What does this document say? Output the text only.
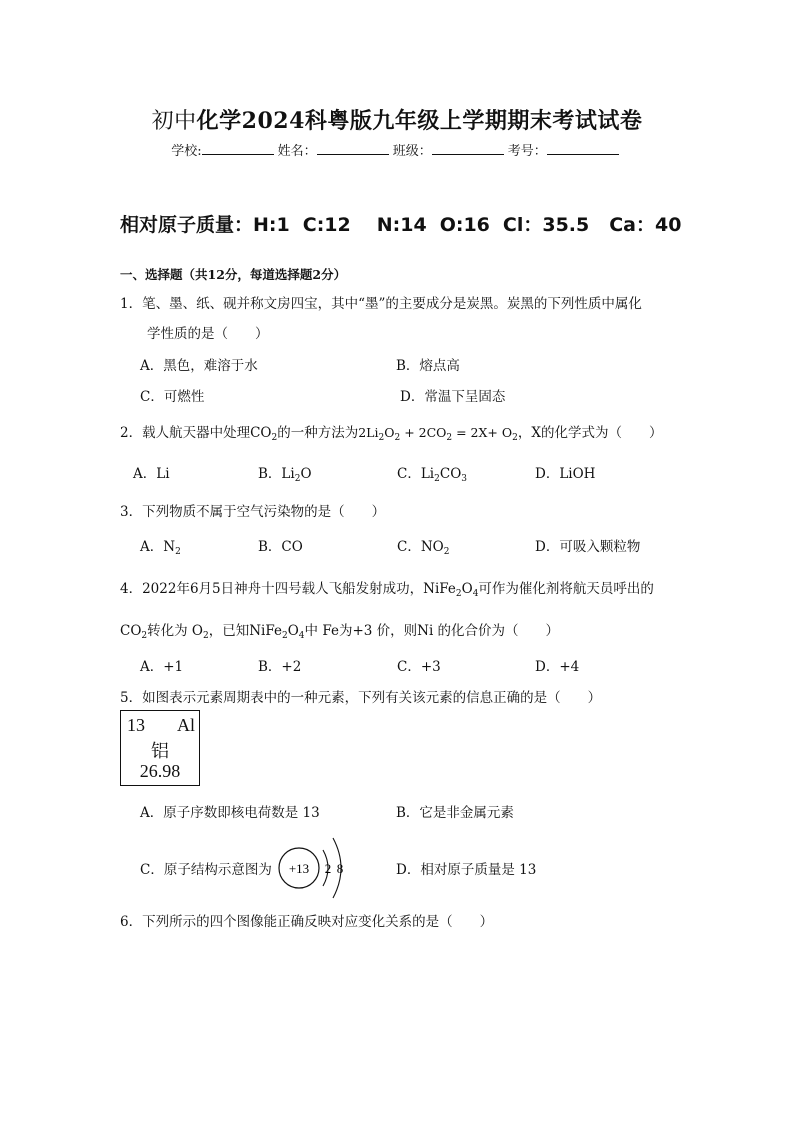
初中化学2024科粤版九年级上学期期末考试试卷
学校:	姓名：	班级：	考号：
相对原子质量：H:1 C:12 N:14 O:16 Cl：35.5 Ca：40
一、选择题（共12分，每道选择题2分）
1．笔、墨、纸、砚并称文房四宝，其中“墨”的主要成分是炭黑。炭黑的下列性质中属化
学性质的是（　　）
A．黑色，难溶于水	B．熔点高
C．可燃性	D．常温下呈固态
2．载人航天器中处理$CO_2$的一种方法为$2Li_2O_2 + 2CO_2 = 2X+ O_2$，X的化学式为（　　）
A．Li	B．$Li_2O$	C．$Li_2CO_3$	D．LiOH
3．下列物质不属于空气污染物的是（　　）
A．$N_2$	B．CO	C．$NO_2$	D．可吸入颗粒物
4．2022年6月5日神舟十四号载人飞船发射成功，$NiFe_2O_4$可作为催化剂将航天员呼出的
$CO_2$转化为 $O_2$，已知$NiFe_2O_4$中 Fe为+3 价，则Ni 的化合价为（　　）
A．+1	B．+2	C．+3	D．+4
5．如图表示元素周期表中的一种元素，下列有关该元素的信息正确的是（　　）
13 Al
铝
26.98
A．原子序数即核电荷数是 13	B．它是非金属元素
C．原子结构示意图为 +13 2 8	D．相对原子质量是 13
6．下列所示的四个图像能正确反映对应变化关系的是（　　）
